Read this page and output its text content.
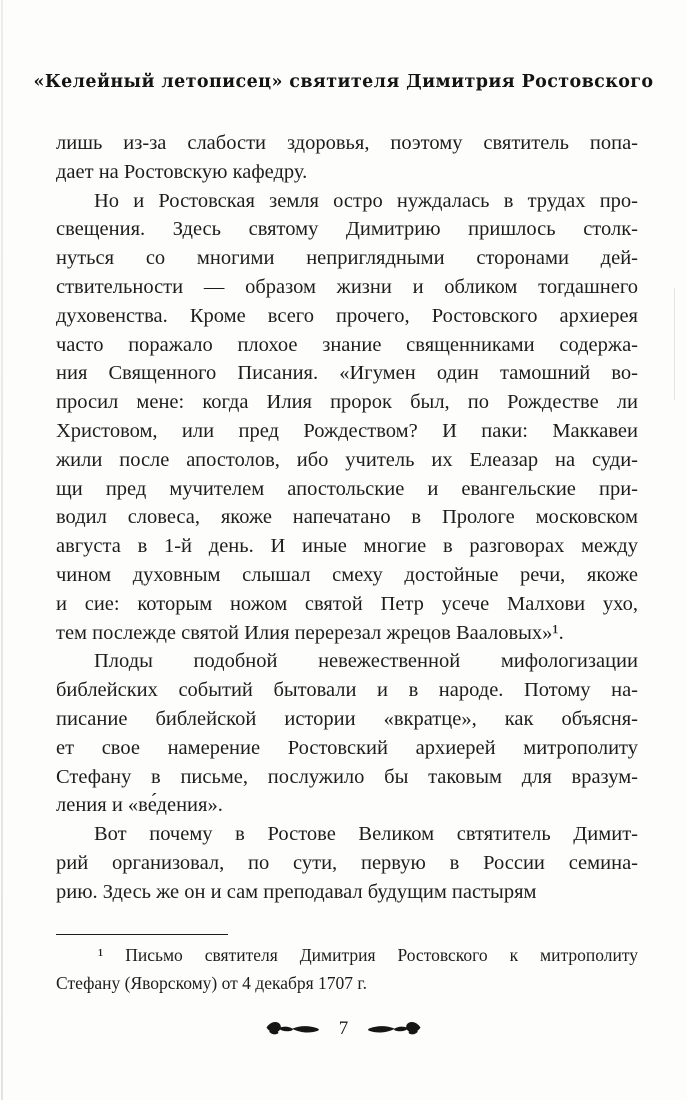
«Келейный летописец» святителя Димитрия Ростовского
лишь из-за слабости здоровья, поэтому святитель попа-
дает на Ростовскую кафедру.
Но и Ростовская земля остро нуждалась в трудах про-
свещения. Здесь святому Димитрию пришлось столк-
нуться со многими неприглядными сторонами дей-
ствительности — образом жизни и обликом тогдашнего
духовенства. Кроме всего прочего, Ростовского архиерея
часто поражало плохое знание священниками содержа-
ния Священного Писания. «Игумен один тамошний во-
просил мене: когда Илия пророк был, по Рождестве ли
Христовом, или пред Рождеством? И паки: Маккавеи
жили после апостолов, ибо учитель их Елеазар на суди-
щи пред мучителем апостольские и евангельские при-
водил словеса, якоже напечатано в Прологе московском
августа в 1-й день. И иные многие в разговорах между
чином духовным слышал смеху достойные речи, якоже
и сие: которым ножом святой Петр усече Малхови ухо,
тем послежде святой Илия перерезал жрецов Вааловых»¹.
Плоды подобной невежественной мифологизации
библейских событий бытовали и в народе. Потому на-
писание библейской истории «вкратце», как объясня-
ет свое намерение Ростовский архиерей митрополиту
Стефану в письме, послужило бы таковым для вразум-
ления и «ве́дения».
Вот почему в Ростове Великом свтятитель Димит-
рий организовал, по сути, первую в России семина-
рию. Здесь же он и сам преподавал будущим пастырям
¹ Письмо святителя Димитрия Ростовского к митрополиту
Стефану (Яворскому) от 4 декабря 1707 г.
7
